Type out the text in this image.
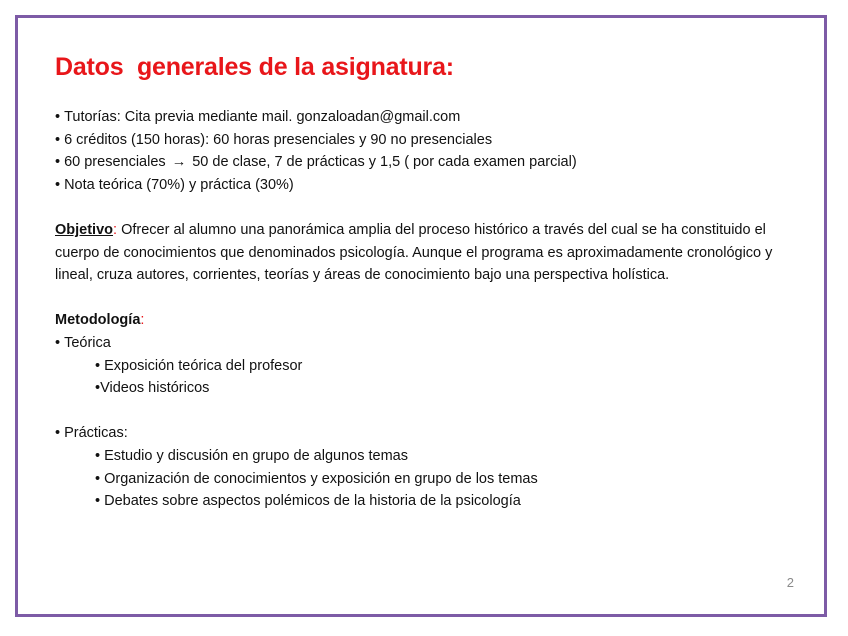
Datos  generales de la asignatura:

• Tutorías: Cita previa mediante mail. gonzaloadan@gmail.com

• 6 créditos (150 horas): 60 horas presenciales y 90 no presenciales

• 60 presenciales → 50 de clase, 7 de prácticas y 1,5 ( por cada examen parcial)

• Nota teórica (70%) y práctica (30%)

Objetivo: Ofrecer al alumno una panorámica amplia del proceso histórico a través del cual se ha constituido el cuerpo de conocimientos que denominados psicología. Aunque el programa es aproximadamente cronológico y lineal, cruza autores, corrientes, teorías y áreas de conocimiento bajo una perspectiva holística.

Metodología:

• Teórica

• Exposición teórica del profesor

•Videos históricos

• Prácticas:

• Estudio y discusión en grupo de algunos temas

• Organización de conocimientos y exposición en grupo de los temas

• Debates sobre aspectos polémicos de la historia de la psicología

2
